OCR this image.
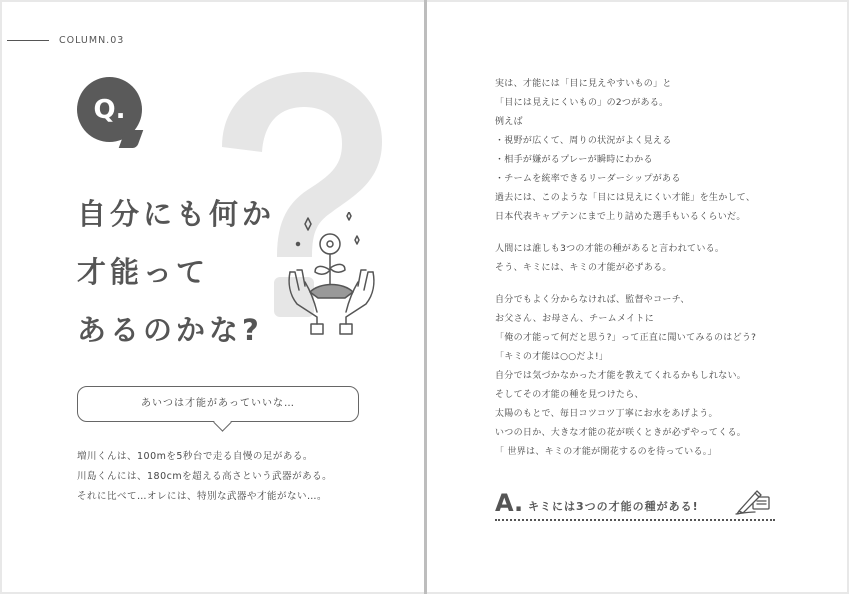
COLUMN.03
Q.
自分にも何か
才能って
あるのかな?
あいつは才能があっていいな…
増川くんは、100mを5秒台で走る自慢の足がある。
川島くんには、180cmを超える高さという武器がある。
それに比べて…オレには、特別な武器や才能がない…。
実は、才能には「目に見えやすいもの」と
「目には見えにくいもの」の2つがある。
例えば
・視野が広くて、周りの状況がよく見える
・相手が嫌がるプレーが瞬時にわかる
・チームを統率できるリーダーシップがある
過去には、このような「目には見えにくい才能」を生かして、
日本代表キャプテンにまで上り詰めた選手もいるくらいだ。
人間には誰しも3つの才能の種があると言われている。
そう、キミには、キミの才能が必ずある。
自分でもよく分からなければ、監督やコーチ、
お父さん、お母さん、チームメイトに
「俺の才能って何だと思う?」って正直に聞いてみるのはどう?
「キミの才能は○○だよ!」
自分では気づかなかった才能を教えてくれるかもしれない。
そしてその才能の種を見つけたら、
太陽のもとで、毎日コツコツ丁寧にお水をあげよう。
いつの日か、大きな才能の花が咲くときが必ずやってくる。
「 世界は、キミの才能が開花するのを待っている。」
A. キミには3つの才能の種がある!
